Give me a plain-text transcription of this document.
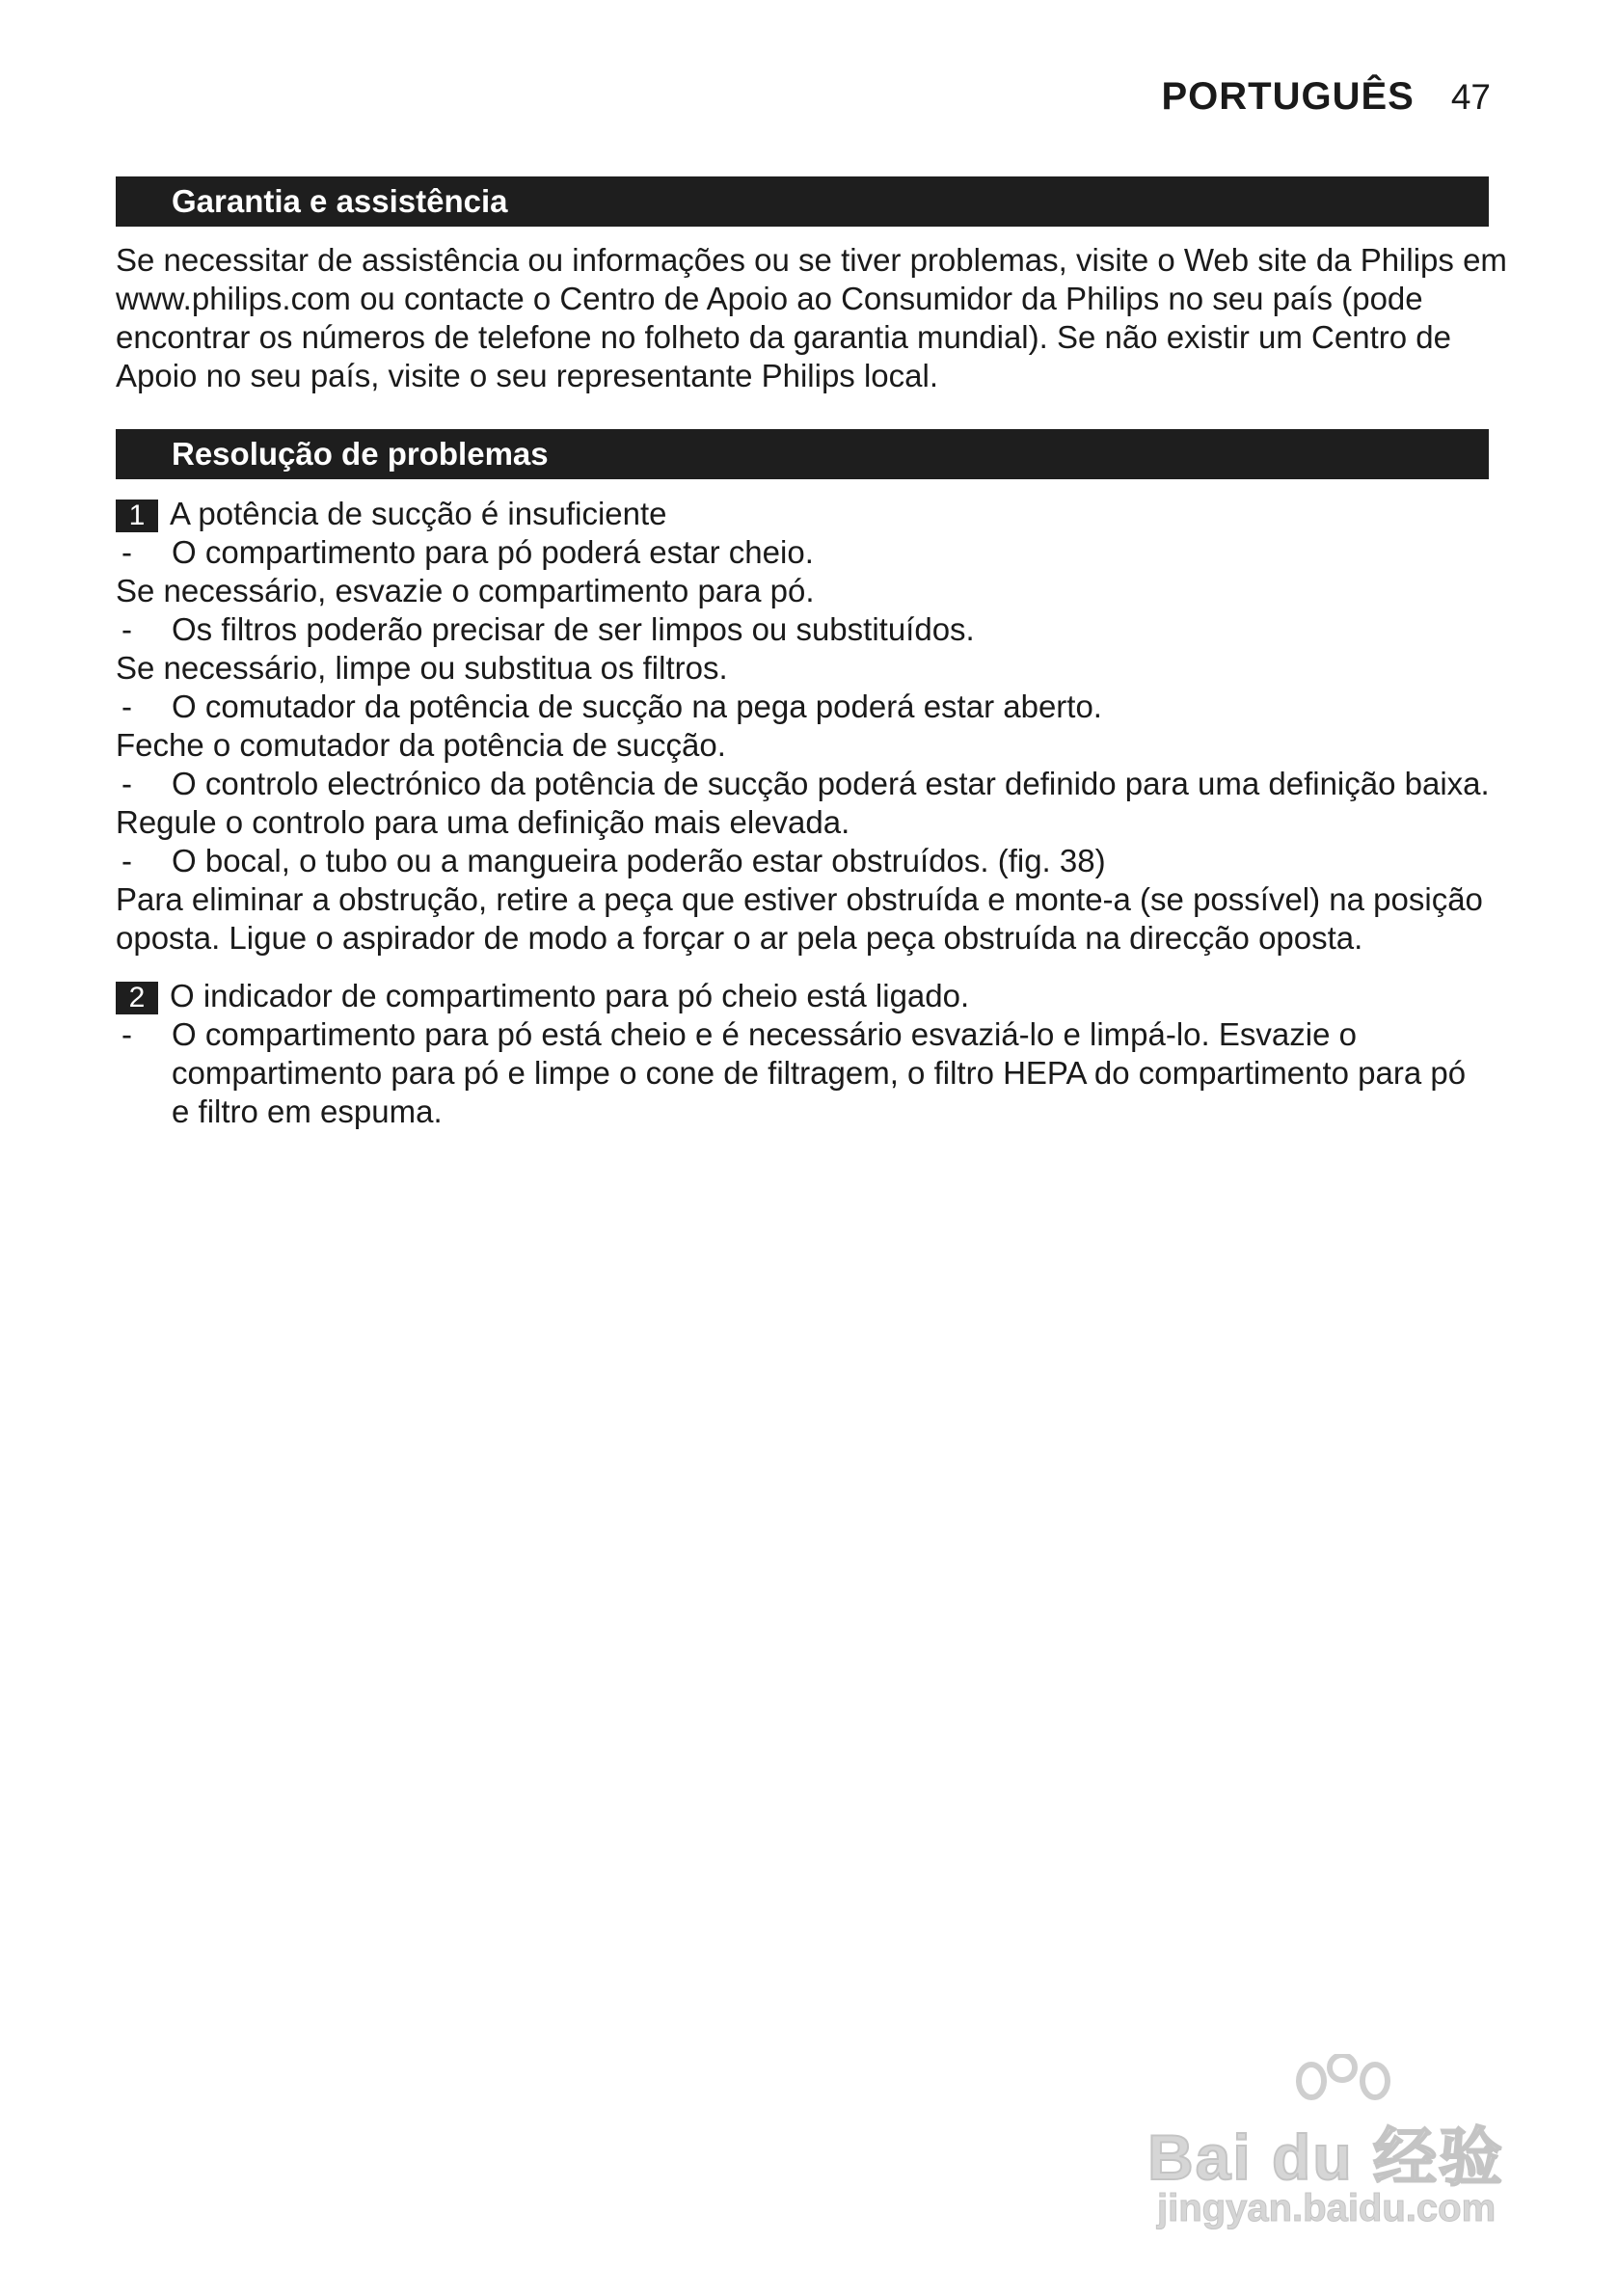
PORTUGUÊS 47
Garantia e assistência

Se necessitar de assistência ou informações ou se tiver problemas, visite o Web site da Philips em

www.philips.com ou contacte o Centro de Apoio ao Consumidor da Philips no seu país (pode

encontrar os números de telefone no folheto da garantia mundial). Se não existir um Centro de

Apoio no seu país, visite o seu representante Philips local.

Resolução de problemas
1 A potência de sucção é insuficiente
- O compartimento para pó poderá estar cheio.

Se necessário, esvazie o compartimento para pó.

- Os filtros poderão precisar de ser limpos ou substituídos.

Se necessário, limpe ou substitua os filtros.

- O comutador da potência de sucção na pega poderá estar aberto.

Feche o comutador da potência de sucção.

- O controlo electrónico da potência de sucção poderá estar definido para uma definição baixa.

Regule o controlo para uma definição mais elevada.

- O bocal, o tubo ou a mangueira poderão estar obstruídos. (fig. 38)

Para eliminar a obstrução, retire a peça que estiver obstruída e monte-a (se possível) na posição

oposta. Ligue o aspirador de modo a forçar o ar pela peça obstruída na direcção oposta.

2 O indicador de compartimento para pó cheio está ligado.
- O compartimento para pó está cheio e é necessário esvaziá-lo e limpá-lo. Esvazie o
compartimento para pó e limpe o cone de filtragem, o filtro HEPA do compartimento para pó
e filtro em espuma.
Bai du 经验
jingyan.baidu.com
